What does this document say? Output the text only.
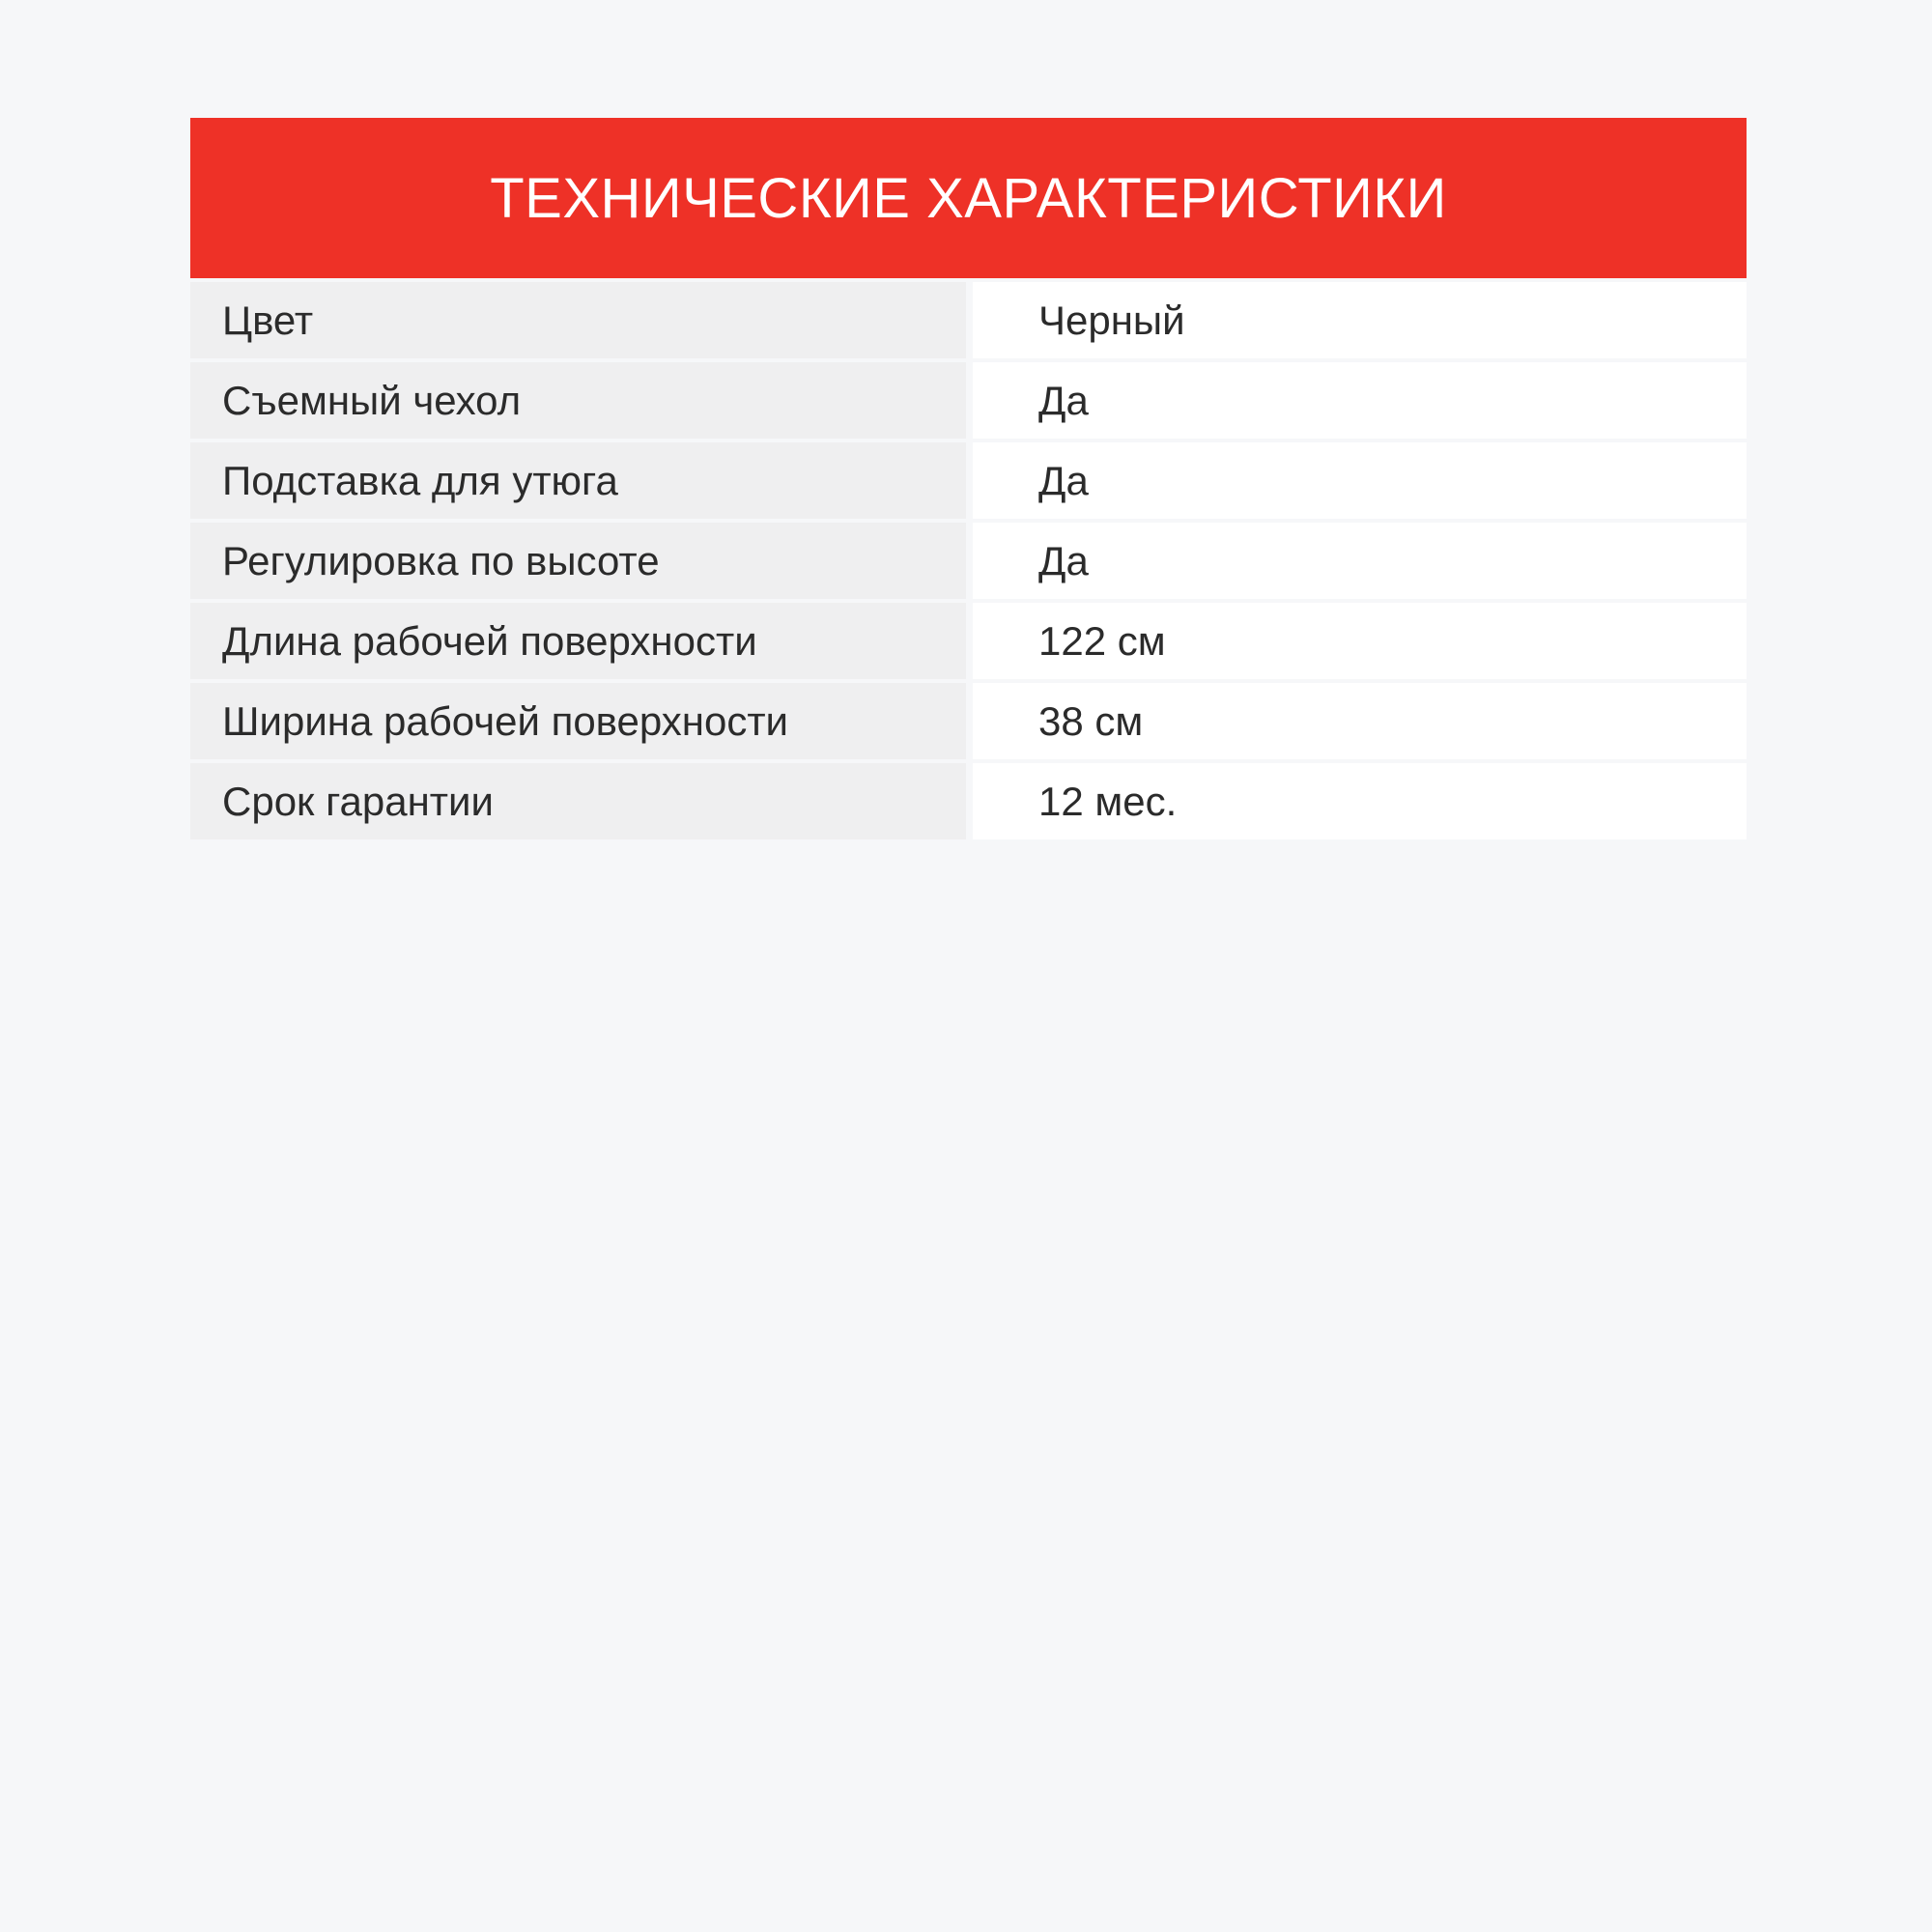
ТЕХНИЧЕСКИЕ ХАРАКТЕРИСТИКИ
Цвет	Черный
Съемный чехол	Да
Подставка для утюга	Да
Регулировка по высоте	Да
Длина рабочей поверхности	122 см
Ширина рабочей поверхности	38 см
Срок гарантии	12 мес.
